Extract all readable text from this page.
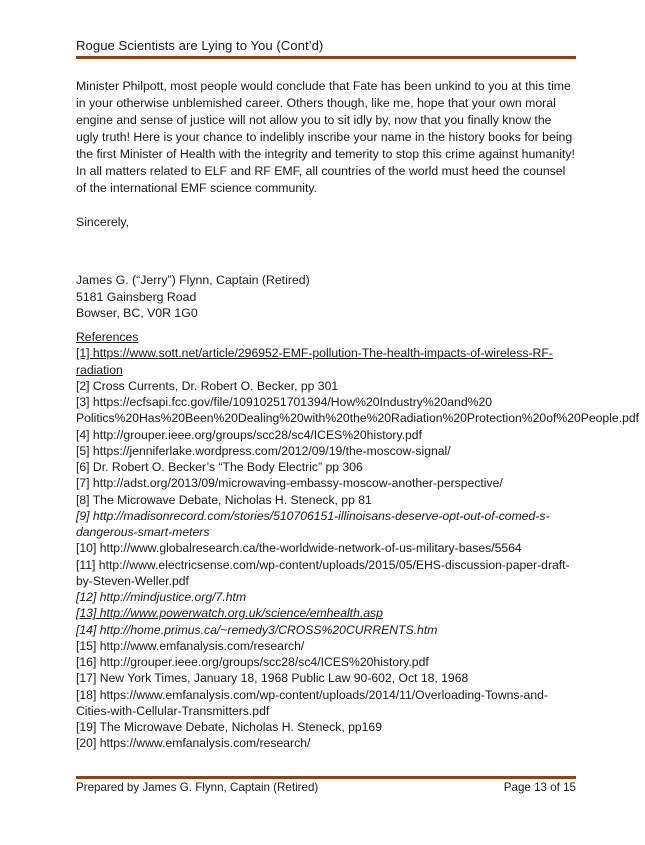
Rogue Scientists are Lying to You (Cont’d)
Minister Philpott, most people would conclude that Fate has been unkind to you at this time in your otherwise unblemished career. Others though, like me, hope that your own moral engine and sense of justice will not allow you to sit idly by, now that you finally know the ugly truth! Here is your chance to indelibly inscribe your name in the history books for being the first Minister of Health with the integrity and temerity to stop this crime against humanity! In all matters related to ELF and RF EMF, all countries of the world must heed the counsel of the international EMF science community.
Sincerely,
James G. (“Jerry”) Flynn, Captain (Retired)
5181 Gainsberg Road
Bowser, BC, V0R 1G0
References
[1] https://www.sott.net/article/296952-EMF-pollution-The-health-impacts-of-wireless-RF-radiation
[2] Cross Currents, Dr. Robert O. Becker, pp 301
[3] https://ecfsapi.fcc.gov/file/10910251701394/How%20Industry%20and%20 Politics%20Has%20Been%20Dealing%20with%20the%20Radiation%20Protection%20of%20People.pdf
[4] http://grouper.ieee.org/groups/scc28/sc4/ICES%20history.pdf
[5] https://jenniferlake.wordpress.com/2012/09/19/the-moscow-signal/
[6] Dr. Robert O. Becker’s “The Body Electric” pp 306
[7] http://adst.org/2013/09/microwaving-embassy-moscow-another-perspective/
[8] The Microwave Debate, Nicholas H. Steneck, pp 81
[9] http://madisonrecord.com/stories/510706151-illinoisans-deserve-opt-out-of-comed-s-dangerous-smart-meters
[10] http://www.globalresearch.ca/the-worldwide-network-of-us-military-bases/5564
[11] http://www.electricsense.com/wp-content/uploads/2015/05/EHS-discussion-paper-draft-by-Steven-Weller.pdf
[12] http://mindjustice.org/7.htm
[13] http://www.powerwatch.org.uk/science/emhealth.asp
[14] http://home.primus.ca/~remedy3/CROSS%20CURRENTS.htm
[15] http://www.emfanalysis.com/research/
[16] http://grouper.ieee.org/groups/scc28/sc4/ICES%20history.pdf
[17] New York Times, January 18, 1968 Public Law 90-602, Oct 18, 1968
[18] https://www.emfanalysis.com/wp-content/uploads/2014/11/Overloading-Towns-and-Cities-with-Cellular-Transmitters.pdf
[19] The Microwave Debate, Nicholas H. Steneck, pp169
[20] https://www.emfanalysis.com/research/
Prepared by James G. Flynn, Captain (Retired)	Page 13 of 15
